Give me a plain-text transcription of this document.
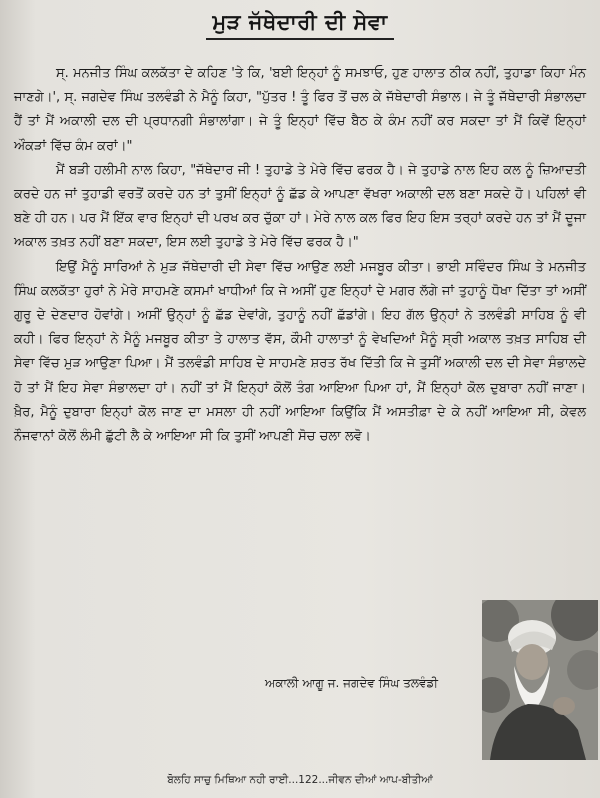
ਮੁੜ ਜੱਥੇਦਾਰੀ ਦੀ ਸੇਵਾ

ਸ੍. ਮਨਜੀਤ ਸਿੰਘ ਕਲਕੱਤਾ ਦੇ ਕਹਿਣ 'ਤੇ ਕਿ, 'ਬਈ ਇਨ੍ਹਾਂ ਨੂੰ ਸਮਝਾਓ, ਹੁਣ ਹਾਲਾਤ ਠੀਕ ਨਹੀਂ, ਤੁਹਾਡਾ ਕਿਹਾ ਮੰਨ ਜਾਣਗੇ।', ਸ੍. ਜਗਦੇਵ ਸਿੰਘ ਤਲਵੰਡੀ ਨੇ ਮੈਨੂੰ ਕਿਹਾ, "ਪੁੱਤਰ ! ਤੂੰ ਫਿਰ ਤੋਂ ਚਲ ਕੇ ਜੱਥੇਦਾਰੀ ਸੰਭਾਲ। ਜੇ ਤੂੰ ਜੱਥੇਦਾਰੀ ਸੰਭਾਲਦਾ ਹੈਂ ਤਾਂ ਮੈਂ ਅਕਾਲੀ ਦਲ ਦੀ ਪ੍ਰਧਾਨਗੀ ਸੰਭਾਲਾਂਗਾ। ਜੇ ਤੂੰ ਇਨ੍ਹਾਂ ਵਿੱਚ ਬੈਠ ਕੇ ਕੰਮ ਨਹੀਂ ਕਰ ਸਕਦਾ ਤਾਂ ਮੈਂ ਕਿਵੇਂ ਇਨ੍ਹਾਂ ਔਕੜਾਂ ਵਿੱਚ ਕੰਮ ਕਰਾਂ।"

ਮੈਂ ਬੜੀ ਹਲੀਮੀ ਨਾਲ ਕਿਹਾ, "ਜੱਥੇਦਾਰ ਜੀ ! ਤੁਹਾਡੇ ਤੇ ਮੇਰੇ ਵਿੱਚ ਫਰਕ ਹੈ। ਜੇ ਤੁਹਾਡੇ ਨਾਲ ਇਹ ਕਲ ਨੂੰ ਜ਼ਿਆਦਤੀ ਕਰਦੇ ਹਨ ਜਾਂ ਤੁਹਾਡੀ ਵਰਤੋਂ ਕਰਦੇ ਹਨ ਤਾਂ ਤੁਸੀਂ ਇਨ੍ਹਾਂ ਨੂੰ ਛੱਡ ਕੇ ਆਪਣਾ ਵੱਖਰਾ ਅਕਾਲੀ ਦਲ ਬਣਾ ਸਕਦੇ ਹੋ। ਪਹਿਲਾਂ ਵੀ ਬਣੇ ਹੀ ਹਨ। ਪਰ ਮੈਂ ਇੱਕ ਵਾਰ ਇਨ੍ਹਾਂ ਦੀ ਪਰਖ ਕਰ ਚੁੱਕਾ ਹਾਂ। ਮੇਰੇ ਨਾਲ ਕਲ ਫਿਰ ਇਹ ਇਸ ਤਰ੍ਹਾਂ ਕਰਦੇ ਹਨ ਤਾਂ ਮੈਂ ਦੂਜਾ ਅਕਾਲ ਤਖ਼ਤ ਨਹੀਂ ਬਣਾ ਸਕਦਾ, ਇਸ ਲਈ ਤੁਹਾਡੇ ਤੇ ਮੇਰੇ ਵਿੱਚ ਫਰਕ ਹੈ।"

ਇਉਂ ਮੈਨੂੰ ਸਾਰਿਆਂ ਨੇ ਮੁੜ ਜੱਥੇਦਾਰੀ ਦੀ ਸੇਵਾ ਵਿੱਚ ਆਉਣ ਲਈ ਮਜਬੂਰ ਕੀਤਾ। ਭਾਈ ਸਵਿੰਦਰ ਸਿੰਘ ਤੇ ਮਨਜੀਤ ਸਿੰਘ ਕਲਕੱਤਾ ਹੁਰਾਂ ਨੇ ਮੇਰੇ ਸਾਹਮਣੇ ਕਸਮਾਂ ਖਾਧੀਆਂ ਕਿ ਜੇ ਅਸੀਂ ਹੁਣ ਇਨ੍ਹਾਂ ਦੇ ਮਗਰ ਲੱਗੇ ਜਾਂ ਤੁਹਾਨੂੰ ਧੋਖਾ ਦਿੱਤਾ ਤਾਂ ਅਸੀਂ ਗੁਰੂ ਦੇ ਦੇਣਦਾਰ ਹੋਵਾਂਗੇ। ਅਸੀਂ ਉਨ੍ਹਾਂ ਨੂੰ ਛੱਡ ਦੇਵਾਂਗੇ, ਤੁਹਾਨੂੰ ਨਹੀਂ ਛੱਡਾਂਗੇ। ਇਹ ਗੱਲ ਉਨ੍ਹਾਂ ਨੇ ਤਲਵੰਡੀ ਸਾਹਿਬ ਨੂੰ ਵੀ ਕਹੀ। ਫਿਰ ਇਨ੍ਹਾਂ ਨੇ ਮੈਨੂੰ ਮਜਬੂਰ ਕੀਤਾ ਤੇ ਹਾਲਾਤ ਵੱਸ, ਕੌਮੀ ਹਾਲਾਤਾਂ ਨੂੰ ਵੇਖਦਿਆਂ ਮੈਨੂੰ ਸ੍ਰੀ ਅਕਾਲ ਤਖ਼ਤ ਸਾਹਿਬ ਦੀ ਸੇਵਾ ਵਿੱਚ ਮੁੜ ਆਉਣਾ ਪਿਆ। ਮੈਂ ਤਲਵੰਡੀ ਸਾਹਿਬ ਦੇ ਸਾਹਮਣੇ ਸ਼ਰਤ ਰੱਖ ਦਿੱਤੀ ਕਿ ਜੇ ਤੁਸੀਂ ਅਕਾਲੀ ਦਲ ਦੀ ਸੇਵਾ ਸੰਭਾਲਦੇ ਹੋ ਤਾਂ ਮੈਂ ਇਹ ਸੇਵਾ ਸੰਭਾਲਦਾ ਹਾਂ। ਨਹੀਂ ਤਾਂ ਮੈਂ ਇਨ੍ਹਾਂ ਕੋਲੋਂ ਤੰਗ ਆਇਆ ਪਿਆ ਹਾਂ, ਮੈਂ ਇਨ੍ਹਾਂ ਕੋਲ ਦੁਬਾਰਾ ਨਹੀਂ ਜਾਣਾ। ਖ਼ੈਰ, ਮੈਨੂੰ ਦੁਬਾਰਾ ਇਨ੍ਹਾਂ ਕੋਲ ਜਾਣ ਦਾ ਮਸਲਾ ਹੀ ਨਹੀਂ ਆਇਆ ਕਿਉਂਕਿ ਮੈਂ ਅਸਤੀਫ਼ਾ ਦੇ ਕੇ ਨਹੀਂ ਆਇਆ ਸੀ, ਕੇਵਲ ਨੌਜਵਾਨਾਂ ਕੋਲੋਂ ਲੰਮੀ ਛੁੱਟੀ ਲੈ ਕੇ ਆਇਆ ਸੀ ਕਿ ਤੁਸੀਂ ਆਪਣੀ ਸੋਚ ਚਲਾ ਲਵੋ।

ਅਕਾਲੀ ਆਗੂ ਜ. ਜਗਦੇਵ ਸਿੰਘ ਤਲਵੰਡੀ
ਬੋਲਹਿ ਸਾਚੁ ਮਿਥਿਆ ਨਹੀ ਰਾਈ...122...ਜੀਵਨ ਦੀਆਂ ਆਪ-ਬੀਤੀਆਂ
